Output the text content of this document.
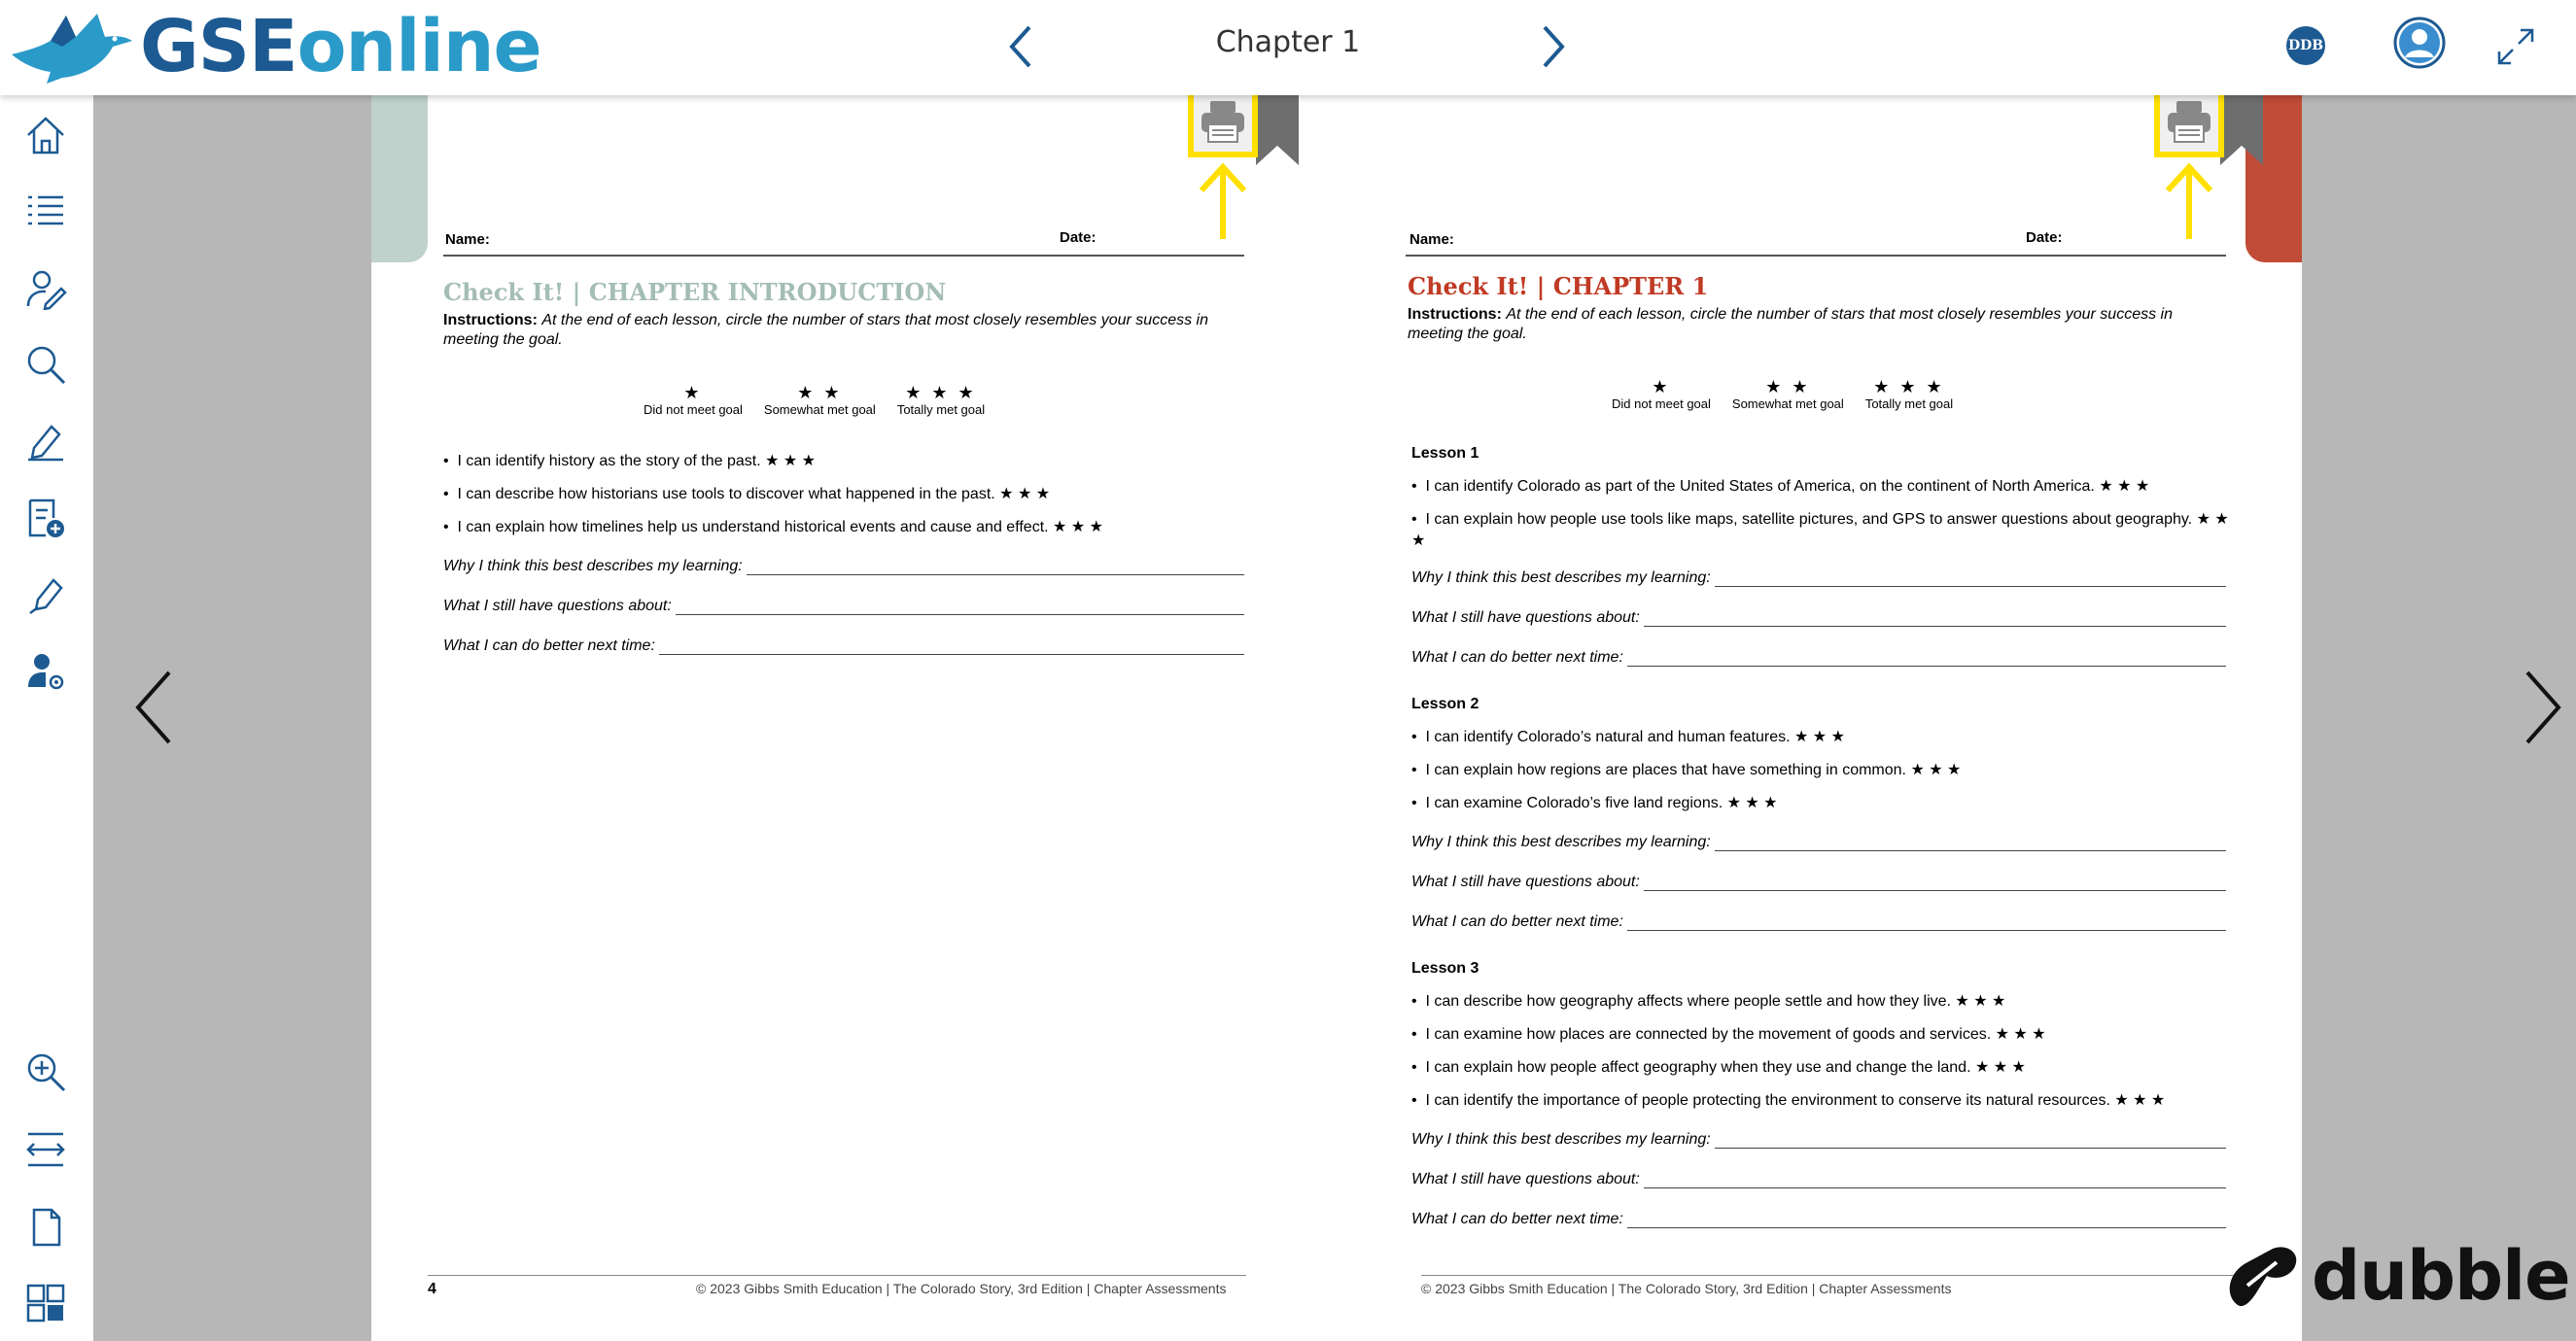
GSEonline	Chapter 1	DDB
Name:	Date:
Check It! | CHAPTER INTRODUCTION
Instructions: At the end of each lesson, circle the number of stars that most closely resembles your success in meeting the goal.
★
Did not meet goal
★ ★
Somewhat met goal
★ ★ ★
Totally met goal
•  I can identify history as the story of the past. ★ ★ ★
•  I can describe how historians use tools to discover what happened in the past. ★ ★ ★
•  I can explain how timelines help us understand historical events and cause and effect. ★ ★ ★
Why I think this best describes my learning:
What I still have questions about:
What I can do better next time:
4	© 2023 Gibbs Smith Education | The Colorado Story, 3rd Edition | Chapter Assessments
Name:	Date:
Check It! | CHAPTER 1
Instructions: At the end of each lesson, circle the number of stars that most closely resembles your success in meeting the goal.
★
Did not meet goal
★ ★
Somewhat met goal
★ ★ ★
Totally met goal
Lesson 1
•  I can identify Colorado as part of the United States of America, on the continent of North America. ★ ★ ★
•  I can explain how people use tools like maps, satellite pictures, and GPS to answer questions about geography. ★ ★ ★
Why I think this best describes my learning:
What I still have questions about:
What I can do better next time:
Lesson 2
•  I can identify Colorado’s natural and human features. ★ ★ ★
•  I can explain how regions are places that have something in common. ★ ★ ★
•  I can examine Colorado’s five land regions. ★ ★ ★
Why I think this best describes my learning:
What I still have questions about:
What I can do better next time:
Lesson 3
•  I can describe how geography affects where people settle and how they live. ★ ★ ★
•  I can examine how places are connected by the movement of goods and services. ★ ★ ★
•  I can explain how people affect geography when they use and change the land. ★ ★ ★
•  I can identify the importance of people protecting the environment to conserve its natural resources. ★ ★ ★
Why I think this best describes my learning:
What I still have questions about:
What I can do better next time:
© 2023 Gibbs Smith Education | The Colorado Story, 3rd Edition | Chapter Assessments	dubble
